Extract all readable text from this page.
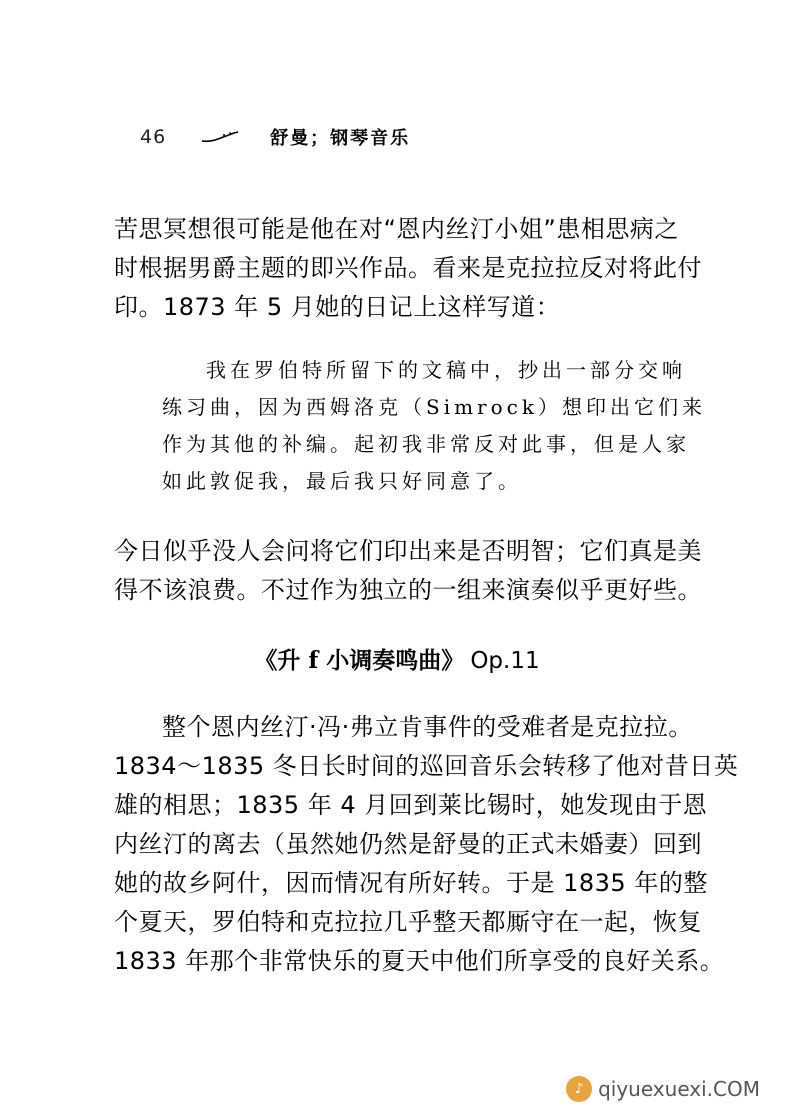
46	舒曼；钢琴音乐
苦思冥想很可能是他在对“恩内丝汀小姐”患相思病之
时根据男爵主题的即兴作品。看来是克拉拉反对将此付
印。1873 年 5 月她的日记上这样写道：
我在罗伯特所留下的文稿中，抄出一部分交响
练习曲，因为西姆洛克（Simrock）想印出它们来
作为其他的补编。起初我非常反对此事，但是人家
如此敦促我，最后我只好同意了。
今日似乎没人会问将它们印出来是否明智；它们真是美
得不该浪费。不过作为独立的一组来演奏似乎更好些。
《升 f 小调奏鸣曲》 Op.11
整个恩内丝汀·冯·弗立肯事件的受难者是克拉拉。
1834～1835 冬日长时间的巡回音乐会转移了他对昔日英
雄的相思；1835 年 4 月回到莱比锡时，她发现由于恩
内丝汀的离去（虽然她仍然是舒曼的正式未婚妻）回到
她的故乡阿什，因而情况有所好转。于是 1835 年的整
个夏天，罗伯特和克拉拉几乎整天都厮守在一起，恢复
1833 年那个非常快乐的夏天中他们所享受的良好关系。
♪ qiyuexuexi.COM
